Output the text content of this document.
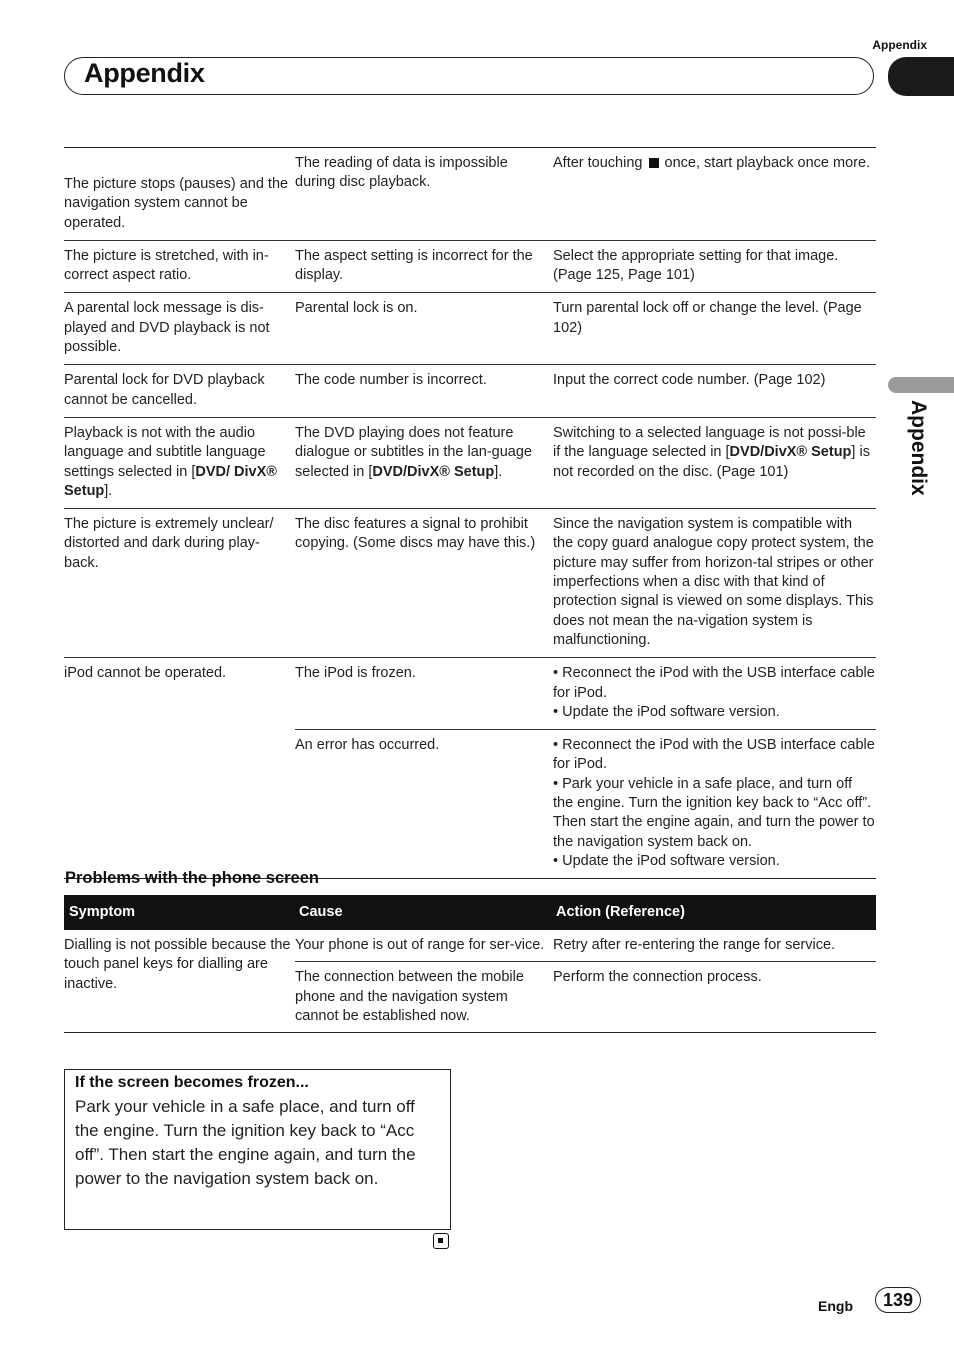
Appendix
Appendix
Appendix
The picture stops (pauses) and the navigation system cannot be operated.	The reading of data is impossible during disc playback.	After touching once, start playback once more.
The picture is stretched, with in-correct aspect ratio.	The aspect setting is incorrect for the display.	Select the appropriate setting for that image. (Page 125, Page 101)
A parental lock message is dis-played and DVD playback is not possible.	Parental lock is on.	Turn parental lock off or change the level. (Page 102)
Parental lock for DVD playback cannot be cancelled.	The code number is incorrect.	Input the correct code number. (Page 102)
Playback is not with the audio language and subtitle language settings selected in [DVD/ DivX® Setup].	The DVD playing does not feature dialogue or subtitles in the lan-guage selected in [DVD/DivX® Setup].	Switching to a selected language is not possi-ble if the language selected in [DVD/DivX® Setup] is not recorded on the disc. (Page 101)
The picture is extremely unclear/ distorted and dark during play-back.	The disc features a signal to prohibit copying. (Some discs may have this.)	Since the navigation system is compatible with the copy guard analogue copy protect system, the picture may suffer from horizon-tal stripes or other imperfections when a disc with that kind of protection signal is viewed on some displays. This does not mean the na-vigation system is malfunctioning.
iPod cannot be operated.	The iPod is frozen.	• Reconnect the iPod with the USB interface cable for iPod.
• Update the iPod software version.

	An error has occurred.	• Reconnect the iPod with the USB interface cable for iPod.
• Park your vehicle in a safe place, and turn off the engine. Turn the ignition key back to “Acc off”. Then start the engine again, and turn the power to the navigation system back on.
• Update the iPod software version.
Problems with the phone screen
Symptom	Cause	Action (Reference)
Dialling is not possible because the touch panel keys for dialling are inactive.	Your phone is out of range for ser-vice.	Retry after re-entering the range for service.
	The connection between the mobile phone and the navigation system cannot be established now.	Perform the connection process.
If the screen becomes frozen...
Park your vehicle in a safe place, and turn off the engine. Turn the ignition key back to “Acc off”. Then start the engine again, and turn the power to the navigation system back on.
Engb	139
